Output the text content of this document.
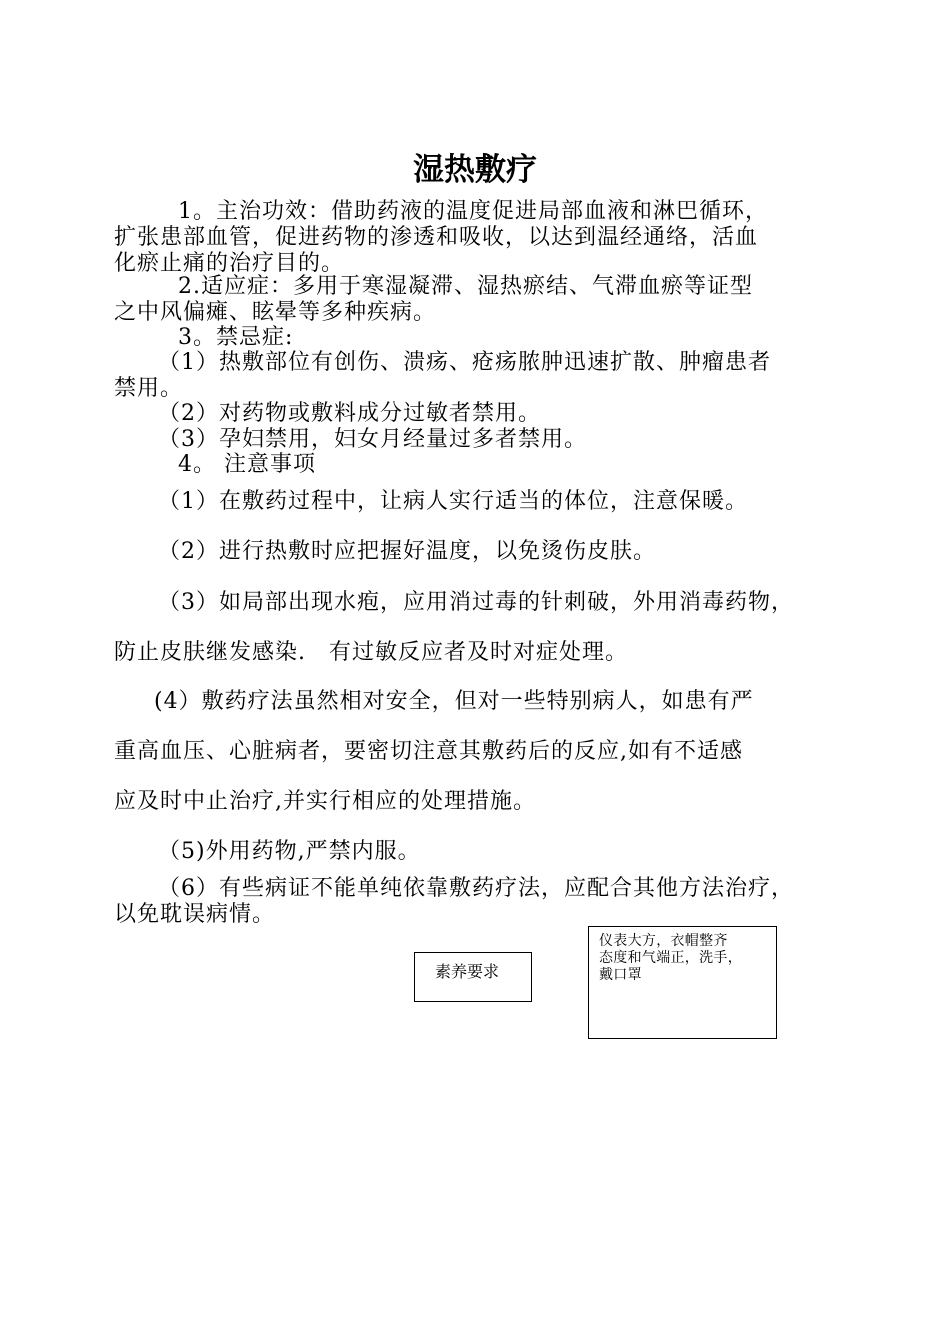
湿热敷疗
1。主治功效：借助药液的温度促进局部血液和淋巴循环，
扩张患部血管，促进药物的渗透和吸收，以达到温经通络，活血
化瘀止痛的治疗目的。
2.适应症：多用于寒湿凝滞、湿热瘀结、气滞血瘀等证型
之中风偏瘫、眩晕等多种疾病。
3。禁忌症:
（1）热敷部位有创伤、溃疡、疮疡脓肿迅速扩散、肿瘤患者
禁用。
（2）对药物或敷料成分过敏者禁用。
（3）孕妇禁用，妇女月经量过多者禁用。
4。 注意事项
（1）在敷药过程中，让病人实行适当的体位，注意保暖。
（2）进行热敷时应把握好温度，以免烫伤皮肤。
（3）如局部出现水疱，应用消过毒的针刺破，外用消毒药物，
防止皮肤继发感染.　有过敏反应者及时对症处理。
(4）敷药疗法虽然相对安全，但对一些特别病人，如患有严
重高血压、心脏病者，要密切注意其敷药后的反应,如有不适感
应及时中止治疗,并实行相应的处理措施。
（5)外用药物,严禁内服。
（6）有些病证不能单纯依靠敷药疗法，应配合其他方法治疗，
以免耽误病情。
素养要求
仪表大方，衣帽整齐
态度和气端正，洗手，
戴口罩
